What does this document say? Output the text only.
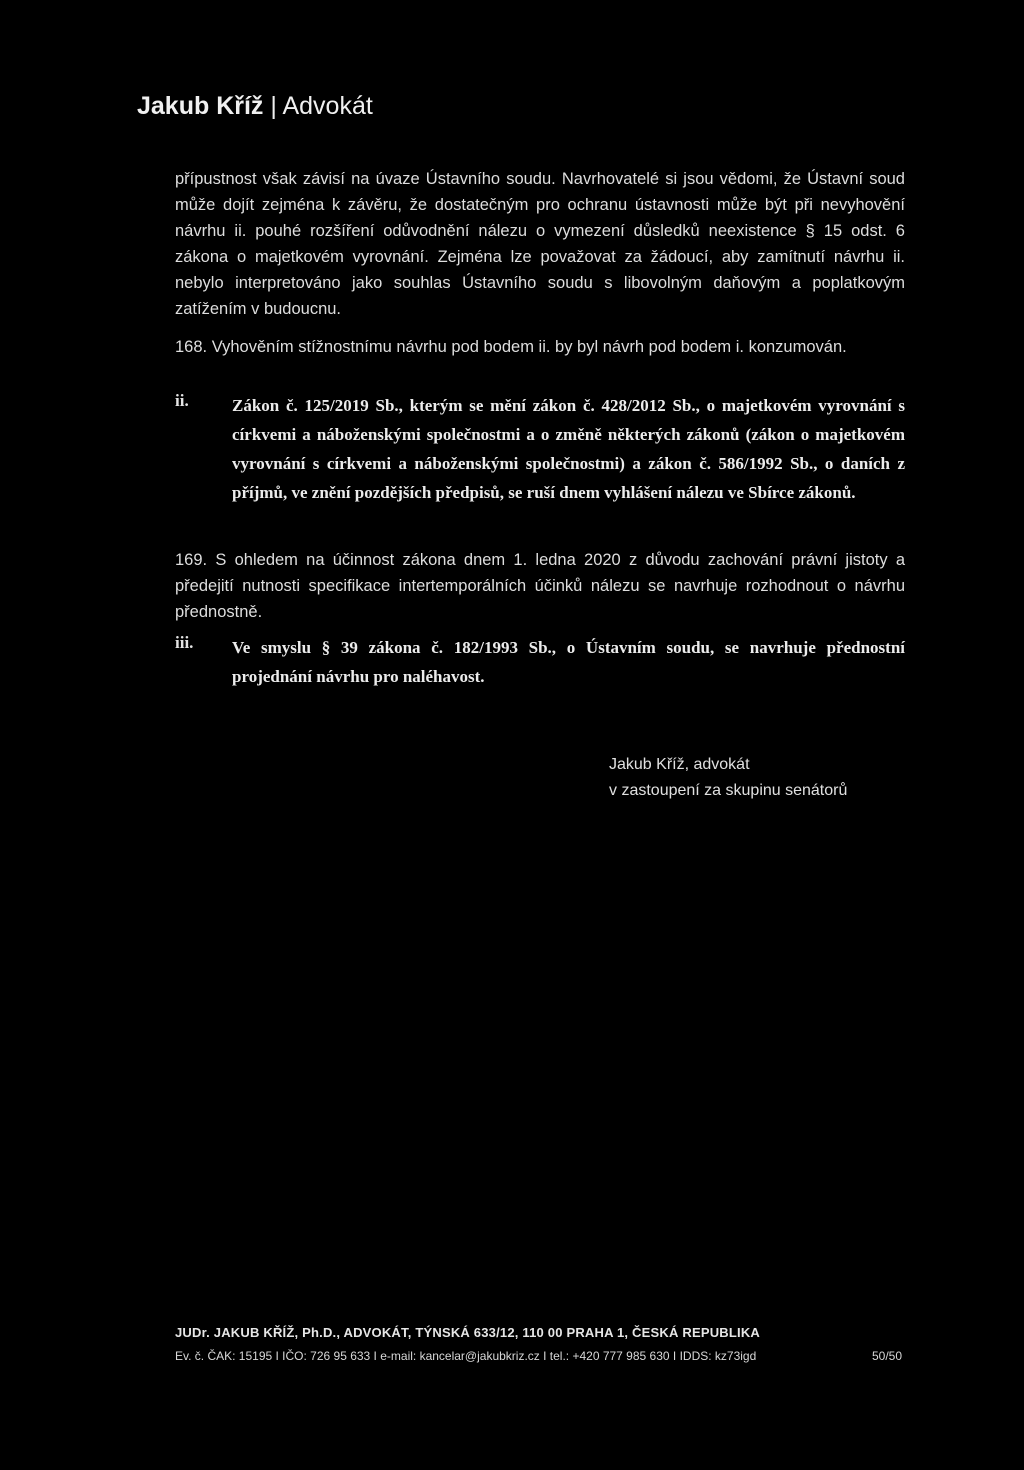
Jakub Kříž | Advokát
přípustnost však závisí na úvaze Ústavního soudu. Navrhovatelé si jsou vědomi, že Ústavní soud může dojít zejména k závěru, že dostatečným pro ochranu ústavnosti může být při nevyhovění návrhu ii. pouhé rozšíření odůvodnění nálezu o vymezení důsledků neexistence § 15 odst. 6 zákona o majetkovém vyrovnání. Zejména lze považovat za žádoucí, aby zamítnutí návrhu ii. nebylo interpretováno jako souhlas Ústavního soudu s libovolným daňovým a poplatkovým zatížením v budoucnu.
168. Vyhověním stížnostnímu návrhu pod bodem ii. by byl návrh pod bodem i. konzumován.
ii.	Zákon č. 125/2019 Sb., kterým se mění zákon č. 428/2012 Sb., o majetkovém vyrovnání s církvemi a náboženskými společnostmi a o změně některých zákonů (zákon o majetkovém vyrovnání s církvemi a náboženskými společnostmi) a zákon č. 586/1992 Sb., o daních z příjmů, ve znění pozdějších předpisů, se ruší dnem vyhlášení nálezu ve Sbírce zákonů.
169. S ohledem na účinnost zákona dnem 1. ledna 2020 z důvodu zachování právní jistoty a předejití nutnosti specifikace intertemporálních účinků nálezu se navrhuje rozhodnout o návrhu přednostně.
iii. Ve smyslu § 39 zákona č. 182/1993 Sb., o Ústavním soudu, se navrhuje přednostní projednání návrhu pro naléhavost.
Jakub Kříž, advokát
v zastoupení za skupinu senátorů
JUDr. JAKUB KŘÍŽ, Ph.D., ADVOKÁT, TÝNSKÁ 633/12, 110 00 PRAHA 1, ČESKÁ REPUBLIKA
Ev. č. ČAK: 15195 I IČO: 726 95 633 I e-mail: kancelar@jakubkriz.cz I tel.: +420 777 985 630 I IDDS: kz73igd	50/50
